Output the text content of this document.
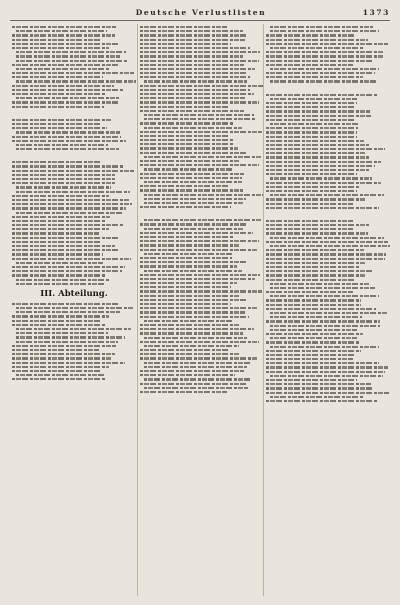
Deutsche Verlustlisten	1373
III. Abteilung.
